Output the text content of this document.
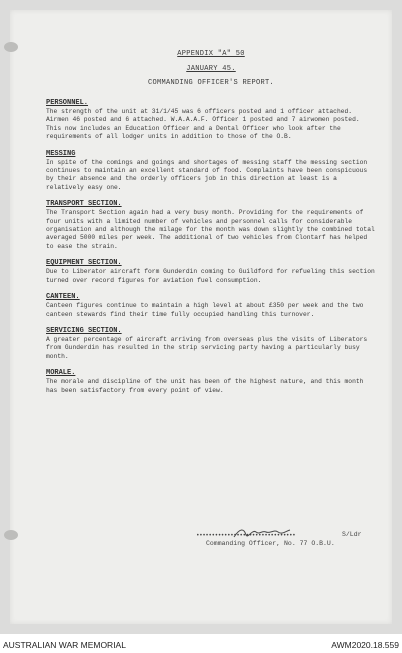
APPENDIX "A" 50
JANUARY 45.
COMMANDING OFFICER'S REPORT.
PERSONNEL.
The strength of the unit at 31/1/45 was 6 officers posted and 1 officer attached. Airmen 46 posted and 6 attached. W.A.A.A.F. Officer 1 posted and 7 airwomen posted. This now includes an Education Officer and a Dental Officer who look after the requirements of all lodger units in addition to those of the O.B.
MESSING
In spite of the comings and goings and shortages of messing staff the messing section continues to maintain an excellent standard of food. Complaints have been conspicuous by their absence and the orderly officers job in this direction at least is a relatively easy one.
TRANSPORT SECTION.
The Transport Section again had a very busy month. Providing for the requirements of four units with a limited number of vehicles and personnel calls for considerable organisation and although the milage for the month was down slightly the combined total averaged 5000 miles per week. The additional of two vehicles from Clontarf has helped to ease the strain.
EQUIPMENT SECTION.
Due to Liberator aircraft form Gunderdin coming to Guildford for refueling this section turned over record figures for aviation fuel consumption.
CANTEEN.
Canteen figures continue to maintain a high level at about £350 per week and the two canteen stewards find their time fully occupied handling this turnover.
SERVICING SECTION.
A greater percentage of aircraft arriving from overseas plus the visits of Liberators from Gunderdin has resulted in the strip servicing party having a particularly busy month.
MORALE.
The morale and discipline of the unit has been of the highest nature, and this month has been satisfactory from every point of view.
••••••••••••••••••••••••••••••••	S/Ldr
Commanding Officer, No. 77 O.B.U.
AUSTRALIAN WAR MEMORIAL	AWM2020.18.559
